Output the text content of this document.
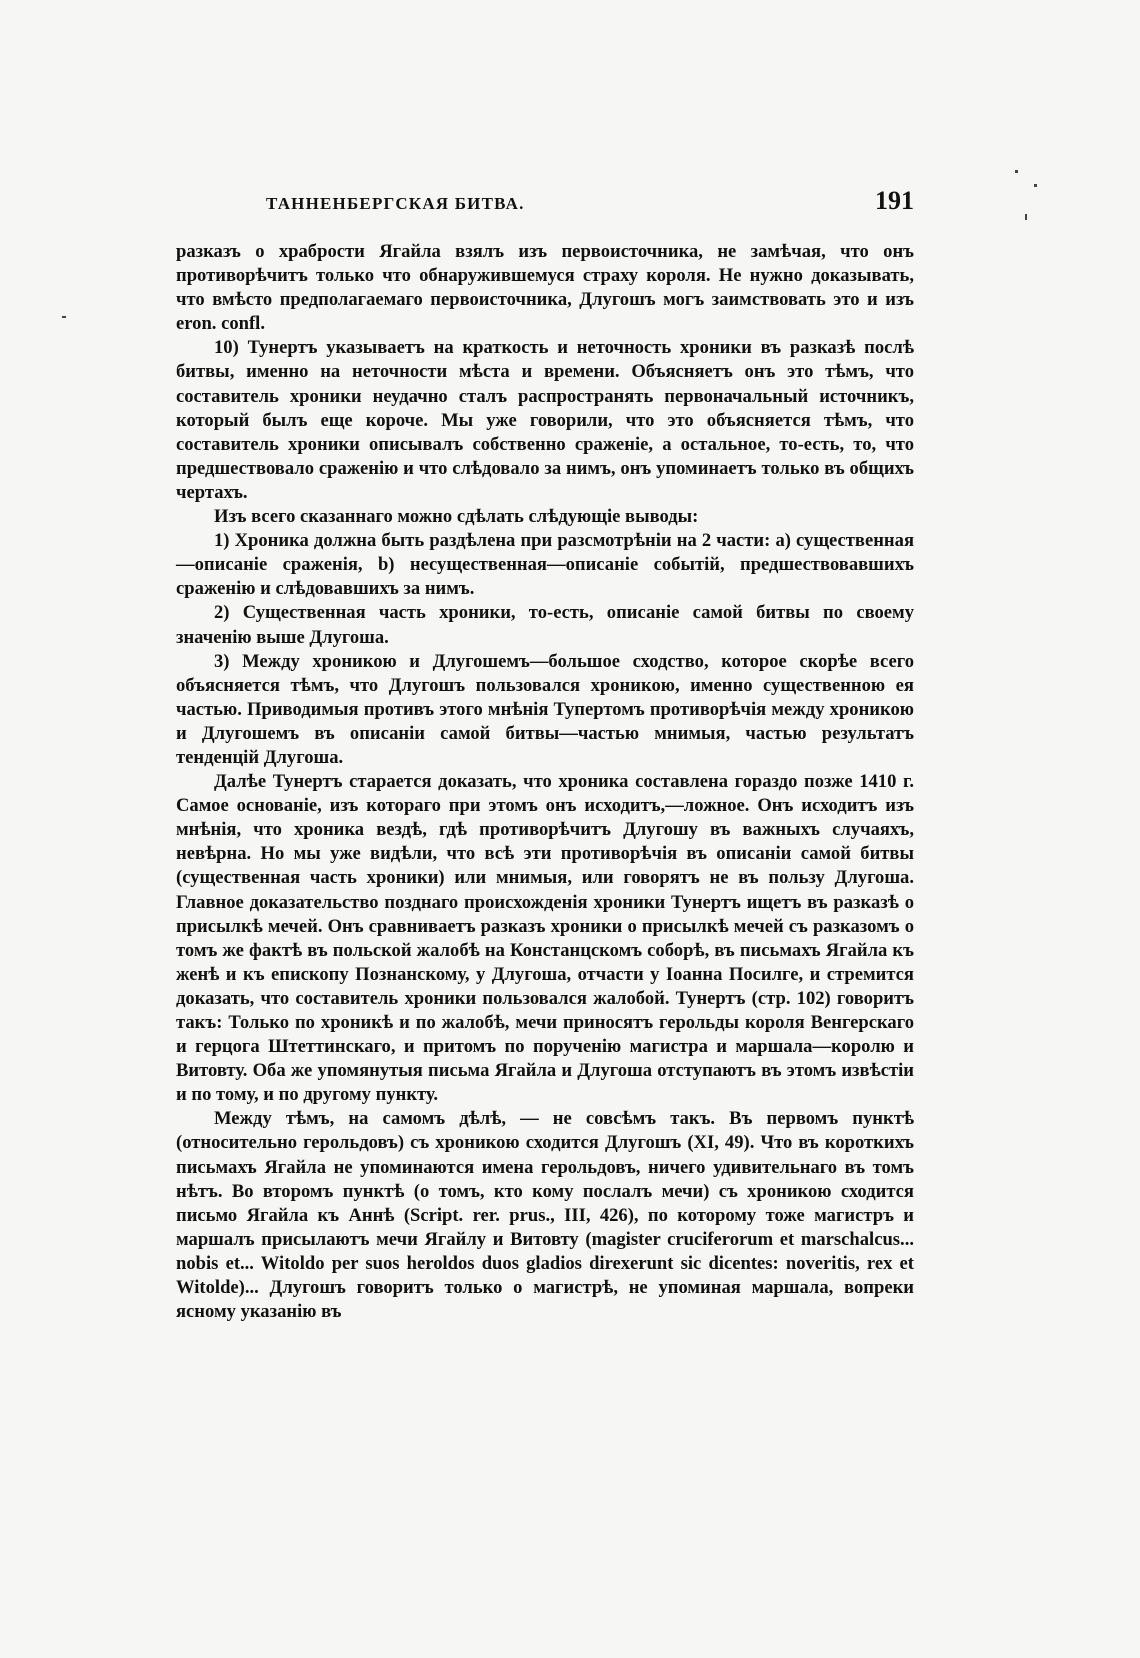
ТАННЕНБЕРГСКАЯ БИТВА.	191

разказъ о храбрости Ягайла взялъ изъ первоисточника, не замѣчая, что онъ противорѣчитъ только что обнаружившемуся страху короля. Не нужно доказывать, что вмѣсто предполагаемаго первоисточника, Длугошъ могъ заимствовать это и изъ eron. confl.

10) Тунертъ указываетъ на краткость и неточность хроники въ разказѣ послѣ битвы, именно на неточности мѣста и времени. Объясняетъ онъ это тѣмъ, что составитель хроники неудачно сталъ распространять первоначальный источникъ, который былъ еще короче. Мы уже говорили, что это объясняется тѣмъ, что составитель хроники описывалъ собственно сраженіе, а остальное, то-есть, то, что предшествовало сраженію и что слѣдовало за нимъ, онъ упоминаетъ только въ общихъ чертахъ.

Изъ всего сказаннаго можно сдѣлать слѣдующіе выводы:

1) Хроника должна быть раздѣлена при разсмотрѣніи на 2 части: а) существенная—описаніе сраженія, b) несущественная—описаніе событій, предшествовавшихъ сраженію и слѣдовавшихъ за нимъ.

2) Существенная часть хроники, то-есть, описаніе самой битвы по своему значенію выше Длугоша.

3) Между хроникою и Длугошемъ—большое сходство, которое скорѣе всего объясняется тѣмъ, что Длугошъ пользовался хроникою, именно существенною ея частью. Приводимыя противъ этого мнѣнія Тупертомъ противорѣчія между хроникою и Длугошемъ въ описаніи самой битвы—частью мнимыя, частью результатъ тенденцій Длугоша.

Далѣе Тунертъ старается доказать, что хроника составлена гораздо позже 1410 г. Самое основаніе, изъ котораго при этомъ онъ исходитъ,—ложное. Онъ исходитъ изъ мнѣнія, что хроника вездѣ, гдѣ противорѣчитъ Длугошу въ важныхъ случаяхъ, невѣрна. Но мы уже видѣли, что всѣ эти противорѣчія въ описаніи самой битвы (существенная часть хроники) или мнимыя, или говорятъ не въ пользу Длугоша. Главное доказательство позднаго происхожденія хроники Тунертъ ищетъ въ разказѣ о присылкѣ мечей. Онъ сравниваетъ разказъ хроники о присылкѣ мечей съ разказомъ о томъ же фактѣ въ польской жалобѣ на Констанцскомъ соборѣ, въ письмахъ Ягайла къ женѣ и къ епископу Познанскому, у Длугоша, отчасти у Іоанна Посилге, и стремится доказать, что составитель хроники пользовался жалобой. Тунертъ (стр. 102) говоритъ такъ: Только по хроникѣ и по жалобѣ, мечи приносятъ герольды короля Венгерскаго и герцога Штеттинскаго, и притомъ по порученію магистра и маршала—королю и Витовту. Оба же упомянутыя письма Ягайла и Длугоша отступаютъ въ этомъ извѣстіи и по тому, и по другому пункту.

Между тѣмъ, на самомъ дѣлѣ, — не совсѣмъ такъ. Въ первомъ пунктѣ (относительно герольдовъ) съ хроникою сходится Длугошъ (XI, 49). Что въ короткихъ письмахъ Ягайла не упоминаются имена герольдовъ, ничего удивительнаго въ томъ нѣтъ. Во второмъ пунктѣ (о томъ, кто кому послалъ мечи) съ хроникою сходится письмо Ягайла къ Аннѣ (Script. rer. prus., III, 426), по которому тоже магистръ и маршалъ присылаютъ мечи Ягайлу и Витовту (magister cruciferorum et marschalcus... nobis et... Witoldo per suos heroldos duos gladios direxerunt sic dicentes: noveritis, rex et Witolde)... Длугошъ говоритъ только о магистрѣ, не упоминая маршала, вопреки ясному указанію въ
